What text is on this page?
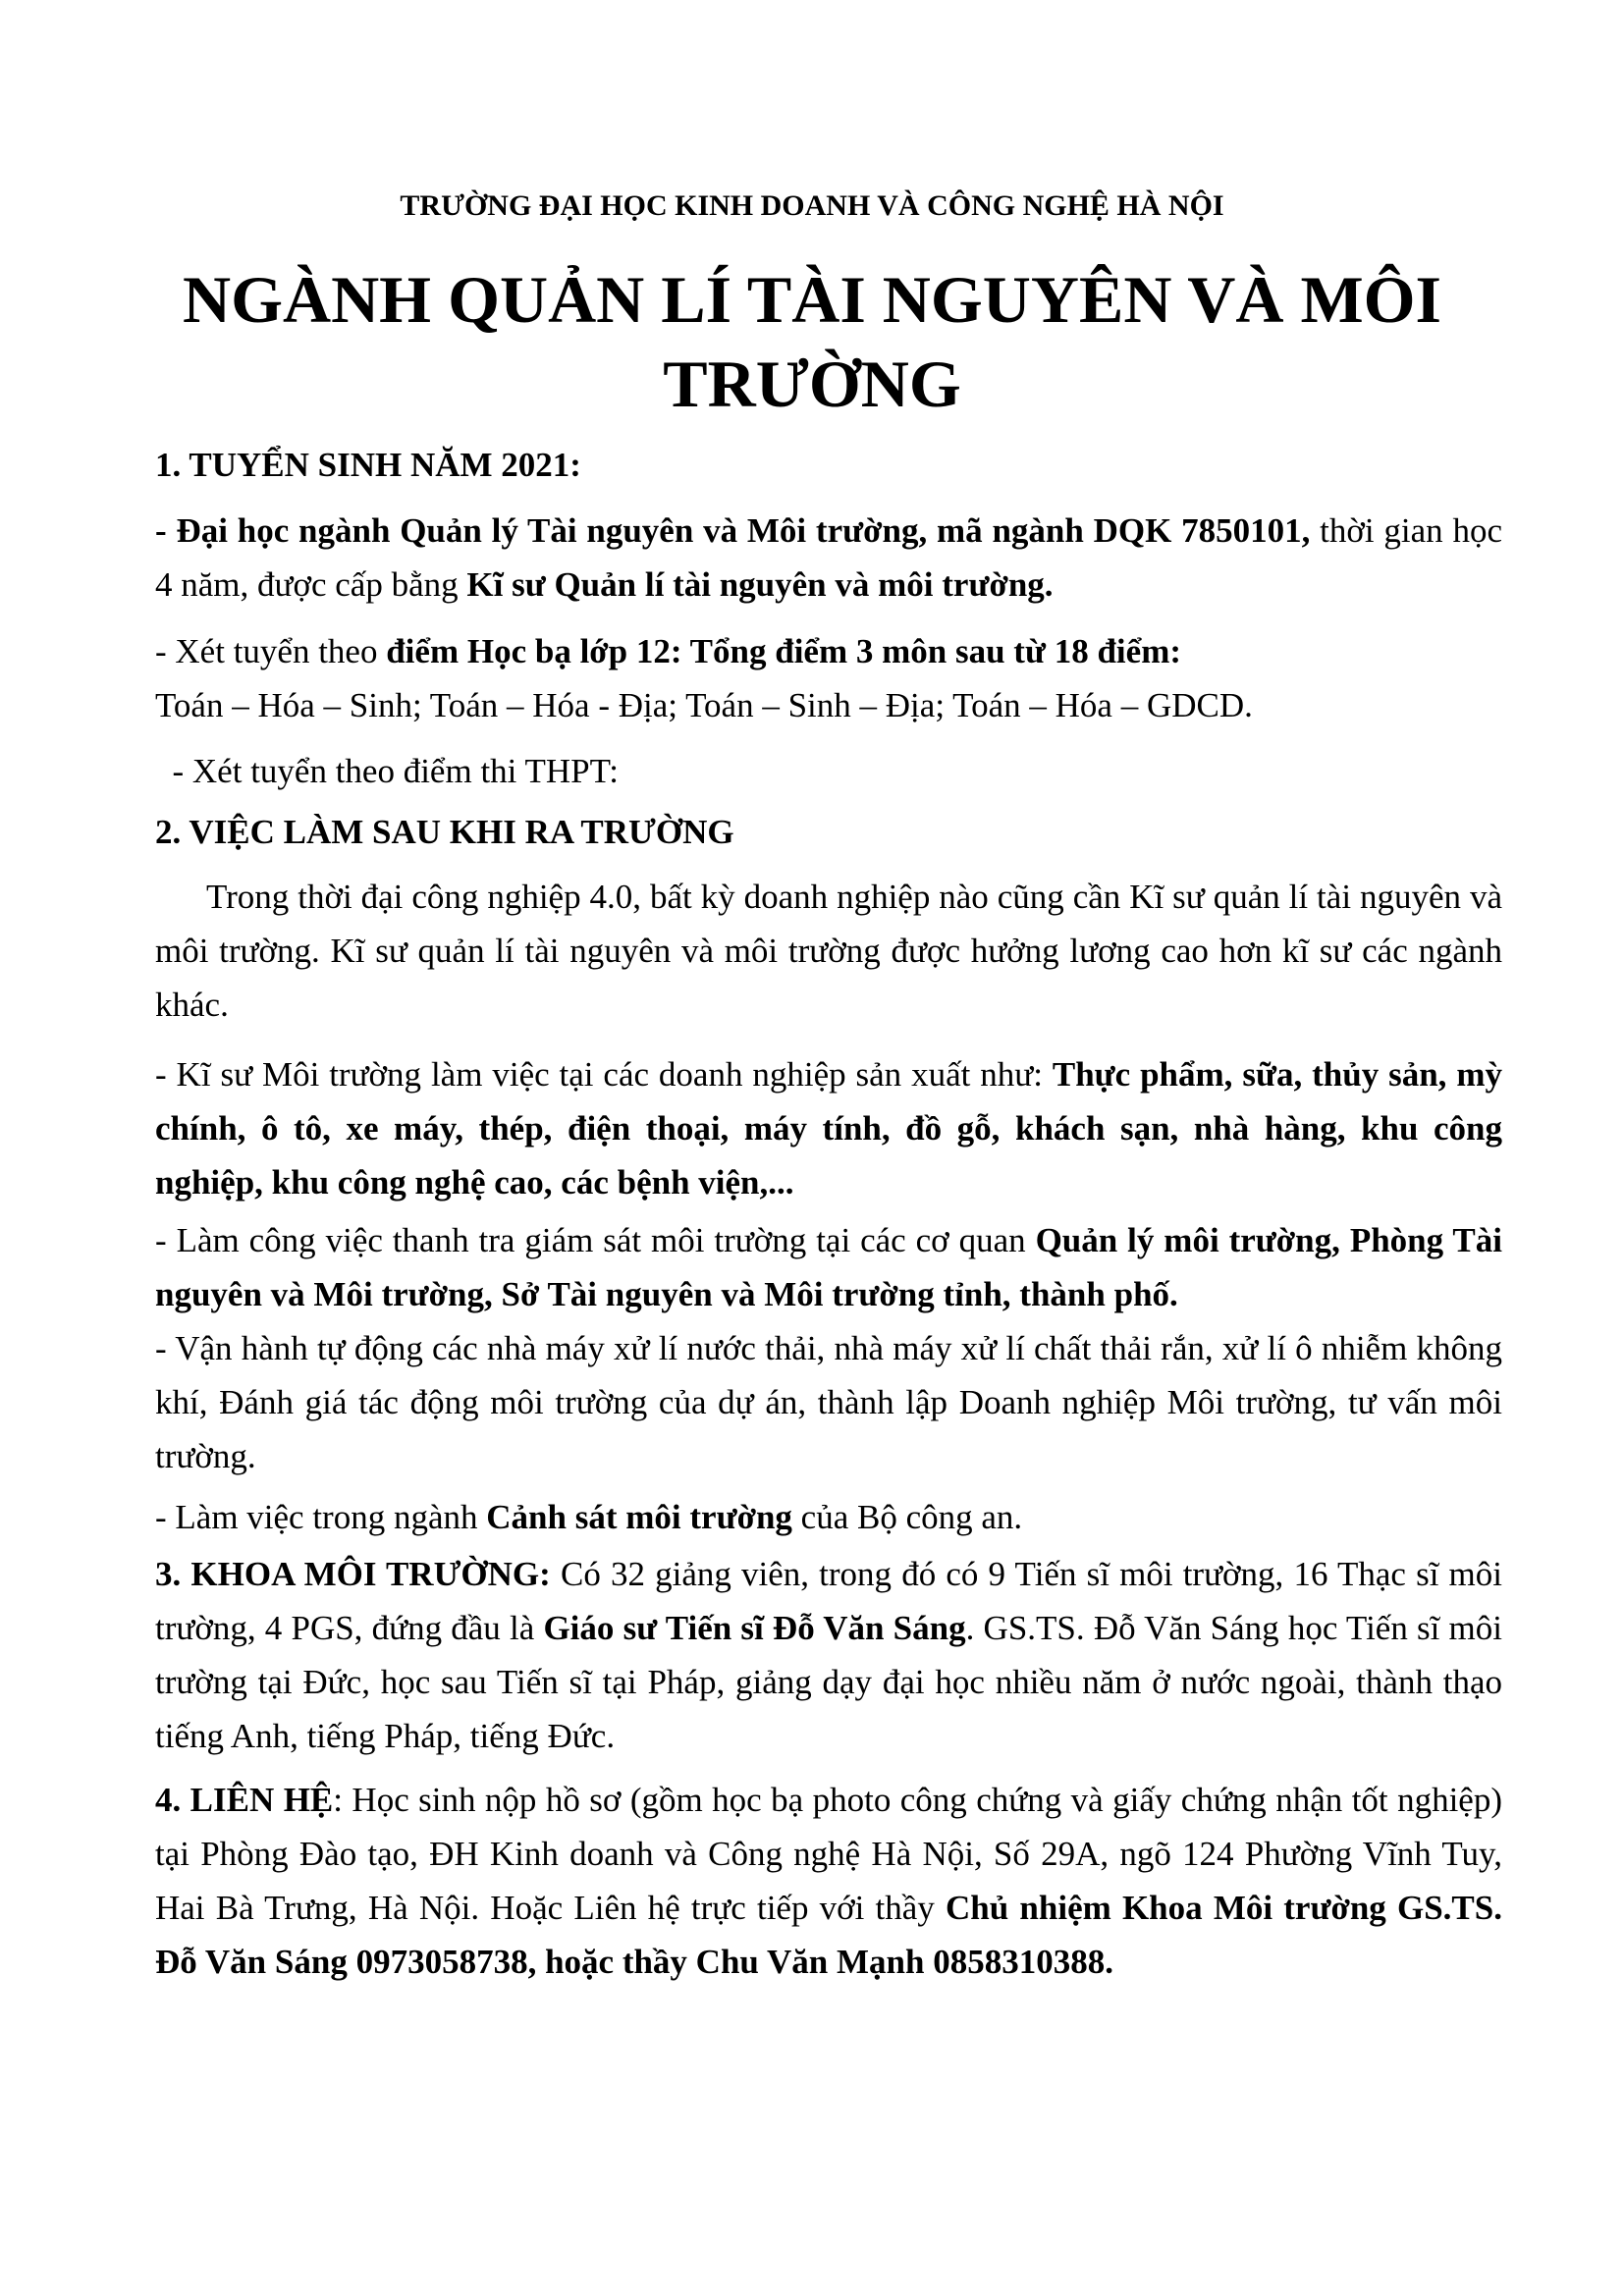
TRƯỜNG ĐẠI HỌC KINH DOANH VÀ CÔNG NGHỆ HÀ NỘI
NGÀNH QUẢN LÍ TÀI NGUYÊN VÀ MÔI
TRƯỜNG
1. TUYỂN SINH NĂM 2021:
- Đại học ngành Quản lý Tài nguyên và Môi trường, mã ngành DQK 7850101, thời gian học 4 năm, được cấp bằng Kĩ sư Quản lí tài nguyên và môi trường.
- Xét tuyển theo điểm Học bạ lớp 12: Tổng điểm 3 môn sau từ 18 điểm:
Toán – Hóa – Sinh; Toán – Hóa - Địa; Toán – Sinh – Địa; Toán – Hóa – GDCD.
- Xét tuyển theo điểm thi THPT:
2. VIỆC LÀM SAU KHI RA TRƯỜNG
Trong thời đại công nghiệp 4.0, bất kỳ doanh nghiệp nào cũng cần Kĩ sư quản lí tài nguyên và môi trường. Kĩ sư quản lí tài nguyên và môi trường được hưởng lương cao hơn kĩ sư các ngành khác.
- Kĩ sư Môi trường làm việc tại các doanh nghiệp sản xuất như: Thực phẩm, sữa, thủy sản, mỳ chính, ô tô, xe máy, thép, điện thoại, máy tính, đồ gỗ, khách sạn, nhà hàng, khu công nghiệp, khu công nghệ cao, các bệnh viện,...
- Làm công việc thanh tra giám sát môi trường tại các cơ quan Quản lý môi trường, Phòng Tài nguyên và Môi trường, Sở Tài nguyên và Môi trường tỉnh, thành phố.
- Vận hành tự động các nhà máy xử lí nước thải, nhà máy xử lí chất thải rắn, xử lí ô nhiễm không khí, Đánh giá tác động môi trường của dự án, thành lập Doanh nghiệp Môi trường, tư vấn môi trường.
- Làm việc trong ngành Cảnh sát môi trường của Bộ công an.
3. KHOA MÔI TRƯỜNG: Có 32 giảng viên, trong đó có 9 Tiến sĩ môi trường, 16 Thạc sĩ môi trường, 4 PGS, đứng đầu là Giáo sư Tiến sĩ Đỗ Văn Sáng. GS.TS. Đỗ Văn Sáng học Tiến sĩ môi trường tại Đức, học sau Tiến sĩ tại Pháp, giảng dạy đại học nhiều năm ở nước ngoài, thành thạo tiếng Anh, tiếng Pháp, tiếng Đức.
4. LIÊN HỆ: Học sinh nộp hồ sơ (gồm học bạ photo công chứng và giấy chứng nhận tốt nghiệp) tại Phòng Đào tạo, ĐH Kinh doanh và Công nghệ Hà Nội, Số 29A, ngõ 124 Phường Vĩnh Tuy, Hai Bà Trưng, Hà Nội. Hoặc Liên hệ trực tiếp với thầy Chủ nhiệm Khoa Môi trường GS.TS. Đỗ Văn Sáng 0973058738, hoặc thầy Chu Văn Mạnh 0858310388.
